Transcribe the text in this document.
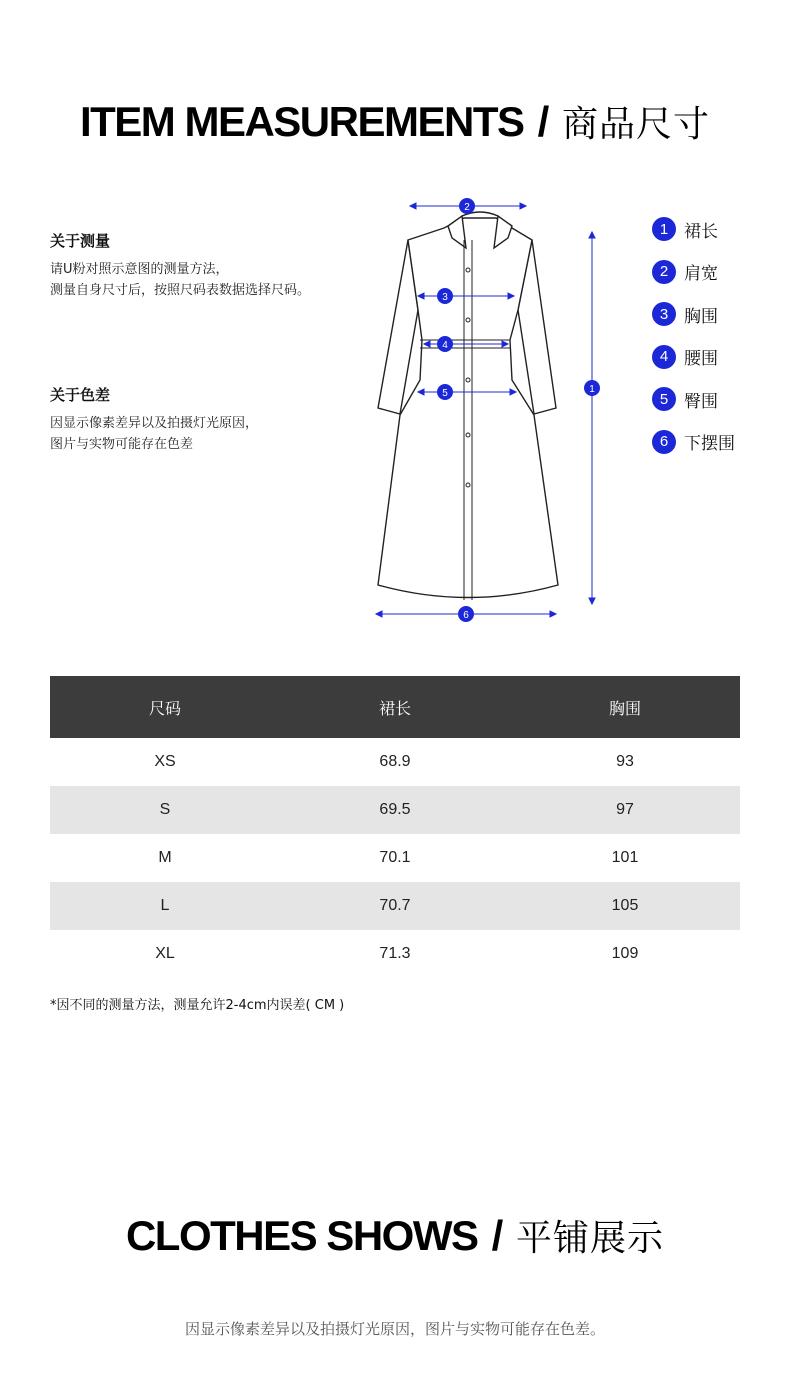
ITEM MEASUREMENTS / 商品尺寸
关于测量
请U粉对照示意图的测量方法，
测量自身尺寸后，按照尺码表数据选择尺码。
关于色差
因显示像素差异以及拍摄灯光原因，
图片与实物可能存在色差
2
1
3
4
5
6
1 裙长
2 肩宽
3 胸围
4 腰围
5 臀围
6 下摆围
尺码	裙长	胸围
XS	68.9	93
S	69.5	97
M	70.1	101
L	70.7	105
XL	71.3	109
*因不同的测量方法，测量允许2-4cm内误差( CM )
CLOTHES SHOWS / 平铺展示
因显示像素差异以及拍摄灯光原因，图片与实物可能存在色差。
